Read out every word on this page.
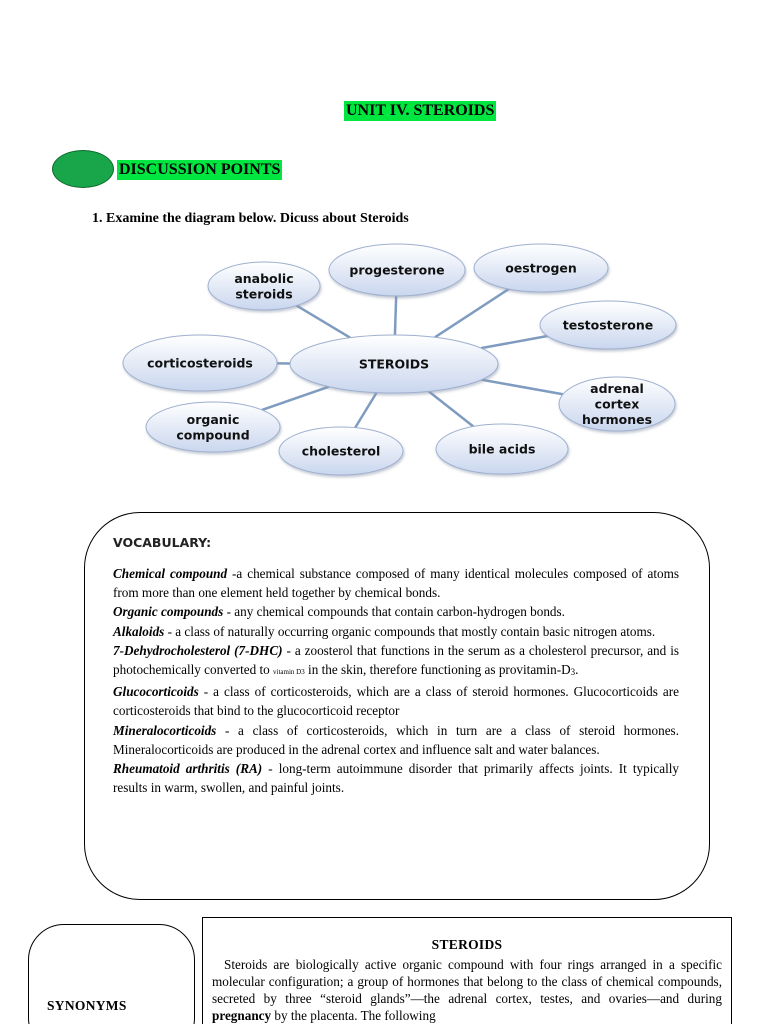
UNIT IV. STEROIDS
DISCUSSION POINTS
1. Examine the diagram below. Dicuss about Steroids
STEROIDS
anabolic
steroids
progesterone	oestrogen
testosterone
corticosteroids
adrenal
cortex
hormones
organic
compound
cholesterol	bile acids
VOCABULARY:
Chemical compound -a chemical substance composed of many identical molecules composed of atoms from more than one element held together by chemical bonds.
Organic compounds - any chemical compounds that contain carbon-hydrogen bonds.
Alkaloids - a class of naturally occurring organic compounds that mostly contain basic nitrogen atoms.
7-Dehydrocholesterol (7-DHC) - a zoosterol that functions in the serum as a cholesterol precursor, and is photochemically converted to vitamin D3 in the skin, therefore functioning as provitamin-$D_3$.
Glucocorticoids - a class of corticosteroids, which are a class of steroid hormones. Glucocorticoids are corticosteroids that bind to the glucocorticoid receptor
Mineralocorticoids - a class of corticosteroids, which in turn are a class of steroid hormones. Mineralocorticoids are produced in the adrenal cortex and influence salt and water balances.
Rheumatoid arthritis (RA) - long-term autoimmune disorder that primarily affects joints. It typically results in warm, swollen, and painful joints.
SYNONYMS
STEROIDS
Steroids are biologically active organic compound with four rings arranged in a specific molecular configuration; a group of hormones that belong to the class of chemical compounds, secreted by three “steroid glands”—the adrenal cortex, testes, and ovaries—and during pregnancy by the placenta. The following
